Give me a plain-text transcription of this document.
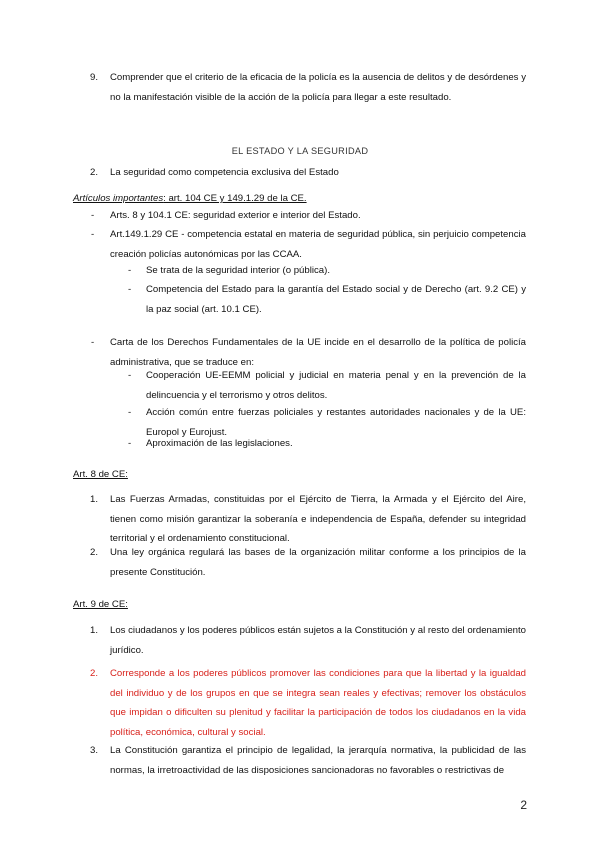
9. Comprender que el criterio de la eficacia de la policía es la ausencia de delitos y de desórdenes y no la manifestación visible de la acción de la policía para llegar a este resultado.
EL ESTADO Y LA SEGURIDAD
2. La seguridad como competencia exclusiva del Estado
Artículos importantes: art. 104 CE y 149.1.29 de la CE.
- Arts. 8 y 104.1 CE: seguridad exterior e interior del Estado.
- Art.149.1.29 CE - competencia estatal en materia de seguridad pública, sin perjuicio competencia creación policías autonómicas por las CCAA.
- Se trata de la seguridad interior (o pública).
- Competencia del Estado para la garantía del Estado social y de Derecho (art. 9.2 CE) y la paz social (art. 10.1 CE).
- Carta de los Derechos Fundamentales de la UE incide en el desarrollo de la política de policía administrativa, que se traduce en:
- Cooperación UE-EEMM policial y judicial en materia penal y en la prevención de la delincuencia y el terrorismo y otros delitos.
- Acción común entre fuerzas policiales y restantes autoridades nacionales y de la UE: Europol y Eurojust.
- Aproximación de las legislaciones.
Art. 8 de CE:
1. Las Fuerzas Armadas, constituidas por el Ejército de Tierra, la Armada y el Ejército del Aire, tienen como misión garantizar la soberanía e independencia de España, defender su integridad territorial y el ordenamiento constitucional.
2. Una ley orgánica regulará las bases de la organización militar conforme a los principios de la presente Constitución.
Art. 9 de CE:
1. Los ciudadanos y los poderes públicos están sujetos a la Constitución y al resto del ordenamiento jurídico.
2. Corresponde a los poderes públicos promover las condiciones para que la libertad y la igualdad del individuo y de los grupos en que se integra sean reales y efectivas; remover los obstáculos que impidan o dificulten su plenitud y facilitar la participación de todos los ciudadanos en la vida política, económica, cultural y social.
3. La Constitución garantiza el principio de legalidad, la jerarquía normativa, la publicidad de las normas, la irretroactividad de las disposiciones sancionadoras no favorables o restrictivas de
2
